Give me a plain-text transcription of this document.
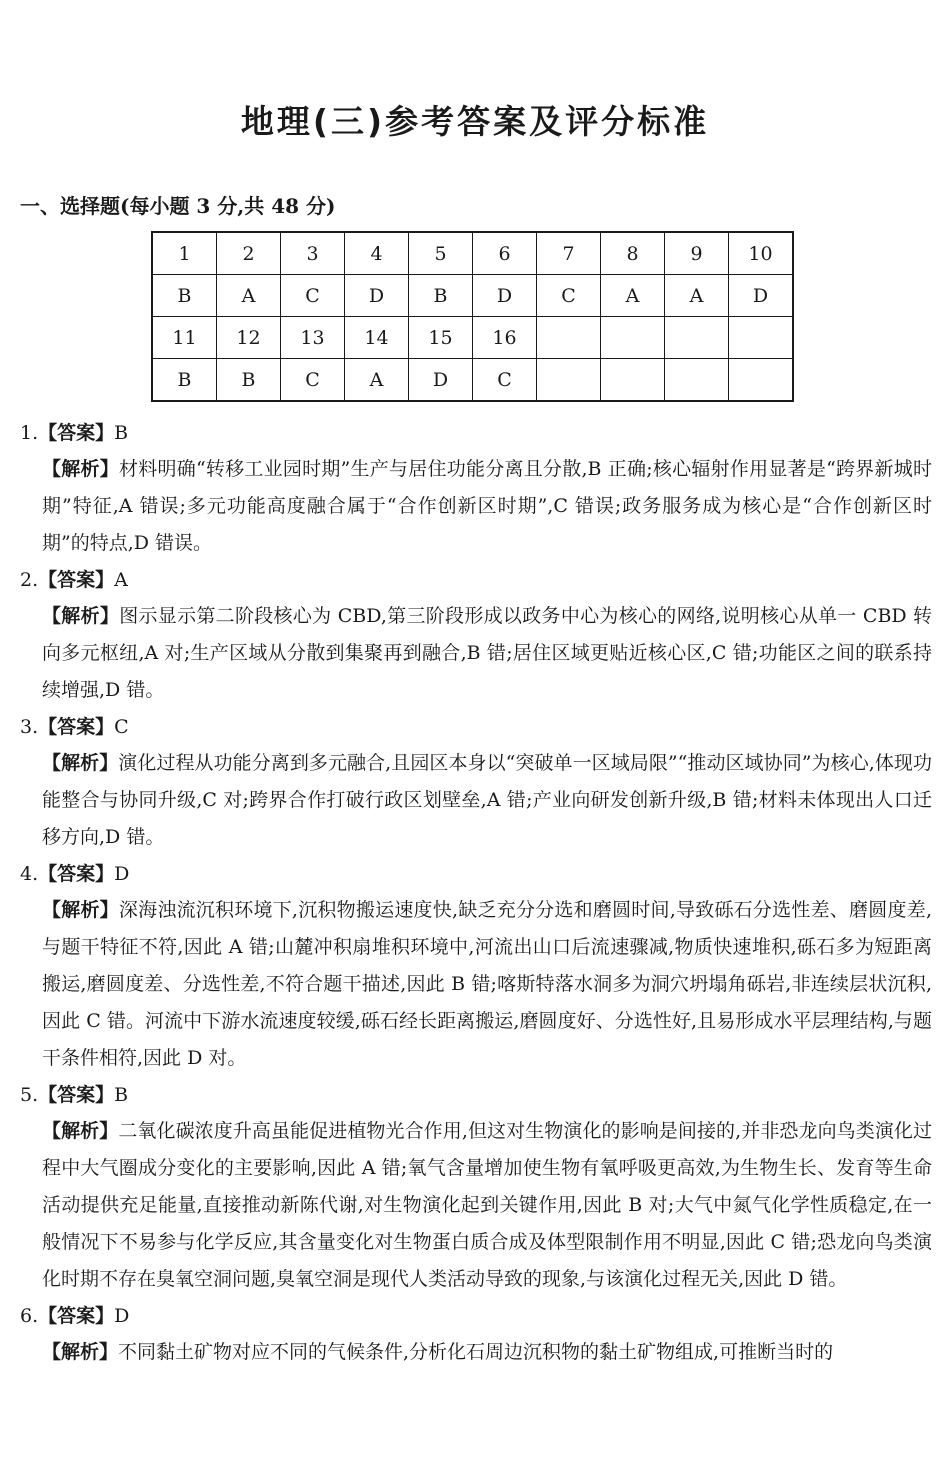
地理(三)参考答案及评分标准

一、选择题(每小题 3 分,共 48 分)

1	2	3	4	5	6	7	8	9	10
B	A	C	D	B	D	C	A	A	D
11	12	13	14	15	16				
B	B	C	A	D	C				
1.【答案】B

【解析】材料明确“转移工业园时期”生产与居住功能分离且分散,B 正确;核心辐射作用显著是“跨界新城时期”特征,A 错误;多元功能高度融合属于“合作创新区时期”,C 错误;政务服务成为核心是“合作创新区时期”的特点,D 错误。

2.【答案】A

【解析】图示显示第二阶段核心为 CBD,第三阶段形成以政务中心为核心的网络,说明核心从单一 CBD 转向多元枢纽,A 对;生产区域从分散到集聚再到融合,B 错;居住区域更贴近核心区,C 错;功能区之间的联系持续增强,D 错。

3.【答案】C

【解析】演化过程从功能分离到多元融合,且园区本身以“突破单一区域局限”“推动区域协同”为核心,体现功能整合与协同升级,C 对;跨界合作打破行政区划壁垒,A 错;产业向研发创新升级,B 错;材料未体现出人口迁移方向,D 错。

4.【答案】D

【解析】深海浊流沉积环境下,沉积物搬运速度快,缺乏充分分选和磨圆时间,导致砾石分选性差、磨圆度差,与题干特征不符,因此 A 错;山麓冲积扇堆积环境中,河流出山口后流速骤减,物质快速堆积,砾石多为短距离搬运,磨圆度差、分选性差,不符合题干描述,因此 B 错;喀斯特落水洞多为洞穴坍塌角砾岩,非连续层状沉积,因此 C 错。河流中下游水流速度较缓,砾石经长距离搬运,磨圆度好、分选性好,且易形成水平层理结构,与题干条件相符,因此 D 对。

5.【答案】B

【解析】二氧化碳浓度升高虽能促进植物光合作用,但这对生物演化的影响是间接的,并非恐龙向鸟类演化过程中大气圈成分变化的主要影响,因此 A 错;氧气含量增加使生物有氧呼吸更高效,为生物生长、发育等生命活动提供充足能量,直接推动新陈代谢,对生物演化起到关键作用,因此 B 对;大气中氮气化学性质稳定,在一般情况下不易参与化学反应,其含量变化对生物蛋白质合成及体型限制作用不明显,因此 C 错;恐龙向鸟类演化时期不存在臭氧空洞问题,臭氧空洞是现代人类活动导致的现象,与该演化过程无关,因此 D 错。

6.【答案】D

【解析】不同黏土矿物对应不同的气候条件,分析化石周边沉积物的黏土矿物组成,可推断当时的
